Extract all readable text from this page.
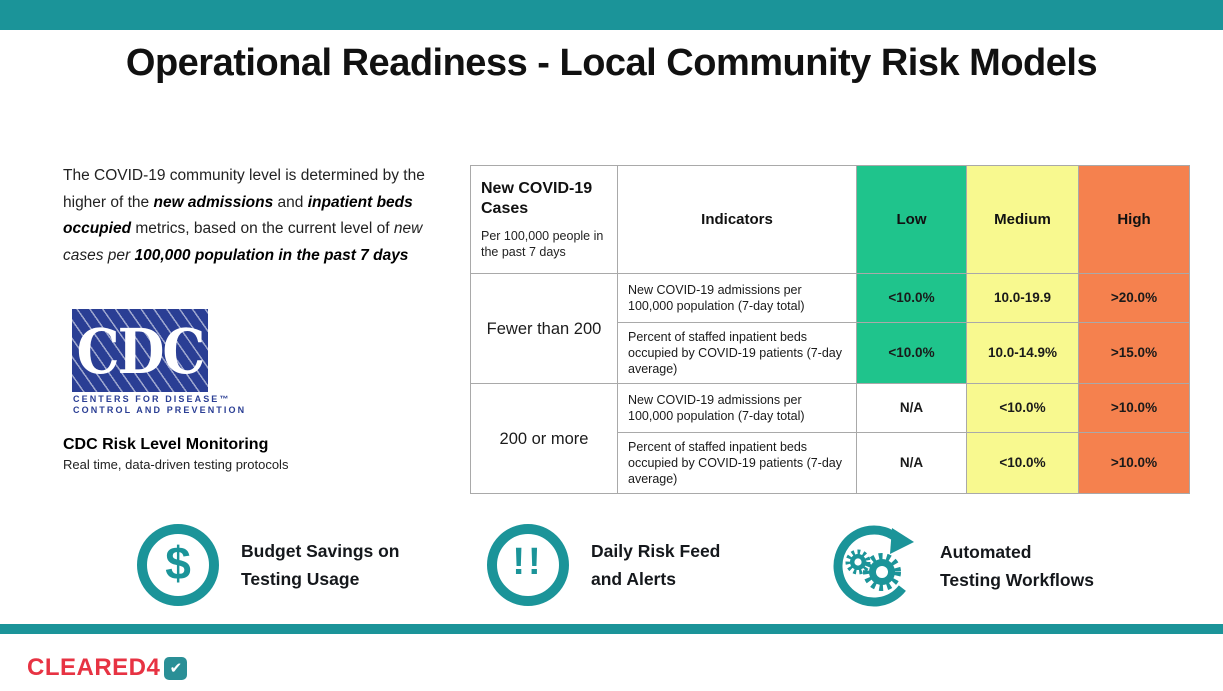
Operational Readiness - Local Community Risk Models
The COVID-19 community level is determined by the higher of the new admissions and inpatient beds occupied metrics, based on the current level of new cases per 100,000 population in the past 7 days
CDC
CENTERS FOR DISEASE™
CONTROL AND PREVENTION
CDC Risk Level Monitoring
Real time, data-driven testing protocols
New COVID-19 Cases
Per 100,000 people in the past 7 days	Indicators	Low	Medium	High
Fewer than 200	New COVID-19 admissions per 100,000 population (7-day total)	<10.0%	10.0-19.9	>20.0%
	Percent of staffed inpatient beds occupied by COVID-19 patients (7-day average)	<10.0%	10.0-14.9%	>15.0%
200 or more	New COVID-19 admissions per 100,000 population (7-day total)	N/A	<10.0%	>10.0%
	Percent of staffed inpatient beds occupied by COVID-19 patients (7-day average)	N/A	<10.0%	>10.0%
$	Budget Savings on
Testing Usage	!!	Daily Risk Feed
and Alerts
Automated
Testing Workflows
CLEARED4 ✔
